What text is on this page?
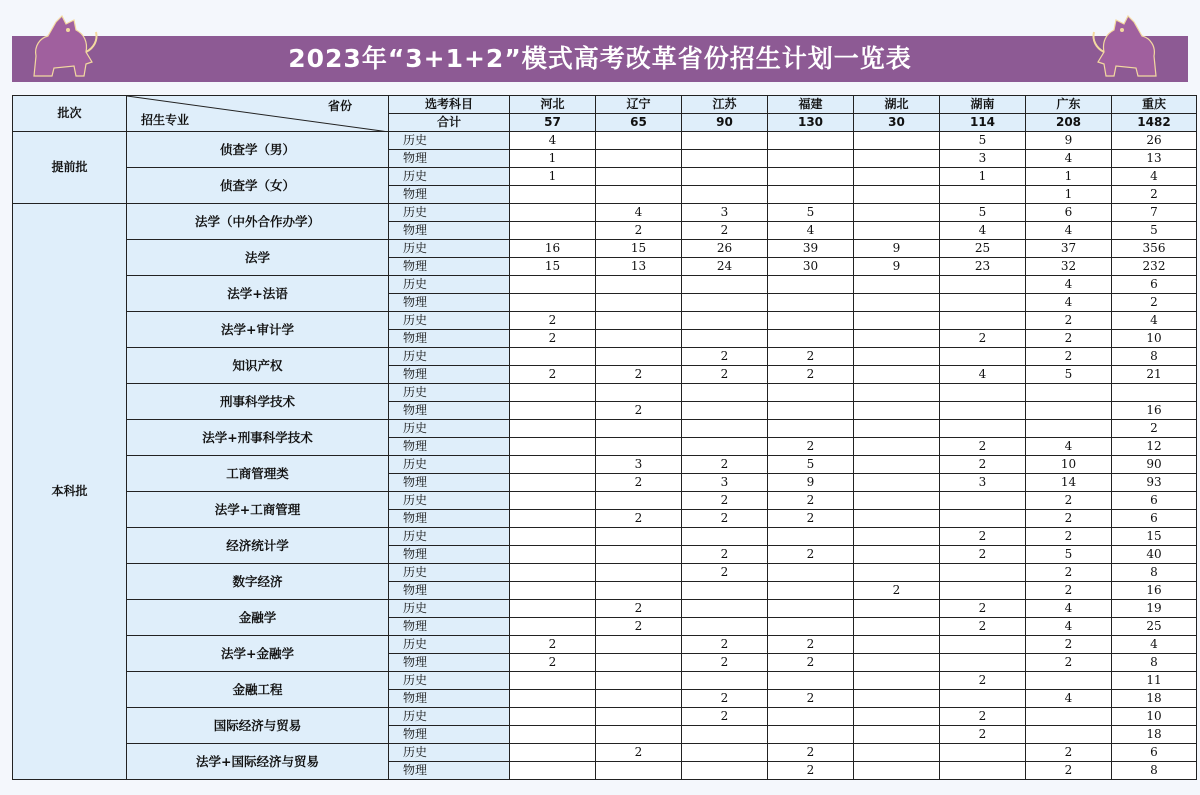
2023年“3+1+2”模式高考改革省份招生计划一览表
批次	省份
招生专业	选考科目	河北	辽宁	江苏	福建	湖北	湖南	广东	重庆
		合计	57	65	90	130	30	114	208	1482
提前批	侦查学（男）	历史	4					5	9	26
		物理	1					3	4	13
	侦查学（女）	历史	1					1	1	4
		物理							1	2
本科批	法学（中外合作办学）	历史		4	3	5		5	6	7
		物理		2	2	4		4	4	5
	法学	历史	16	15	26	39	9	25	37	356
		物理	15	13	24	30	9	23	32	232
	法学+法语	历史							4	6
		物理							4	2
	法学+审计学	历史	2						2	4
		物理	2					2	2	10
	知识产权	历史			2	2			2	8
		物理	2	2	2	2		4	5	21
	刑事科学技术	历史								
		物理		2						16
	法学+刑事科学技术	历史								2
		物理				2		2	4	12
	工商管理类	历史		3	2	5		2	10	90
		物理		2	3	9		3	14	93
	法学+工商管理	历史			2	2			2	6
		物理		2	2	2			2	6
	经济统计学	历史						2	2	15
		物理			2	2		2	5	40
	数字经济	历史			2				2	8
		物理					2		2	16
	金融学	历史		2				2	4	19
		物理		2				2	4	25
	法学+金融学	历史	2		2	2			2	4
		物理	2		2	2			2	8
	金融工程	历史						2		11
		物理			2	2			4	18
	国际经济与贸易	历史			2			2		10
		物理						2		18
	法学+国际经济与贸易	历史		2		2			2	6
		物理				2			2	8
